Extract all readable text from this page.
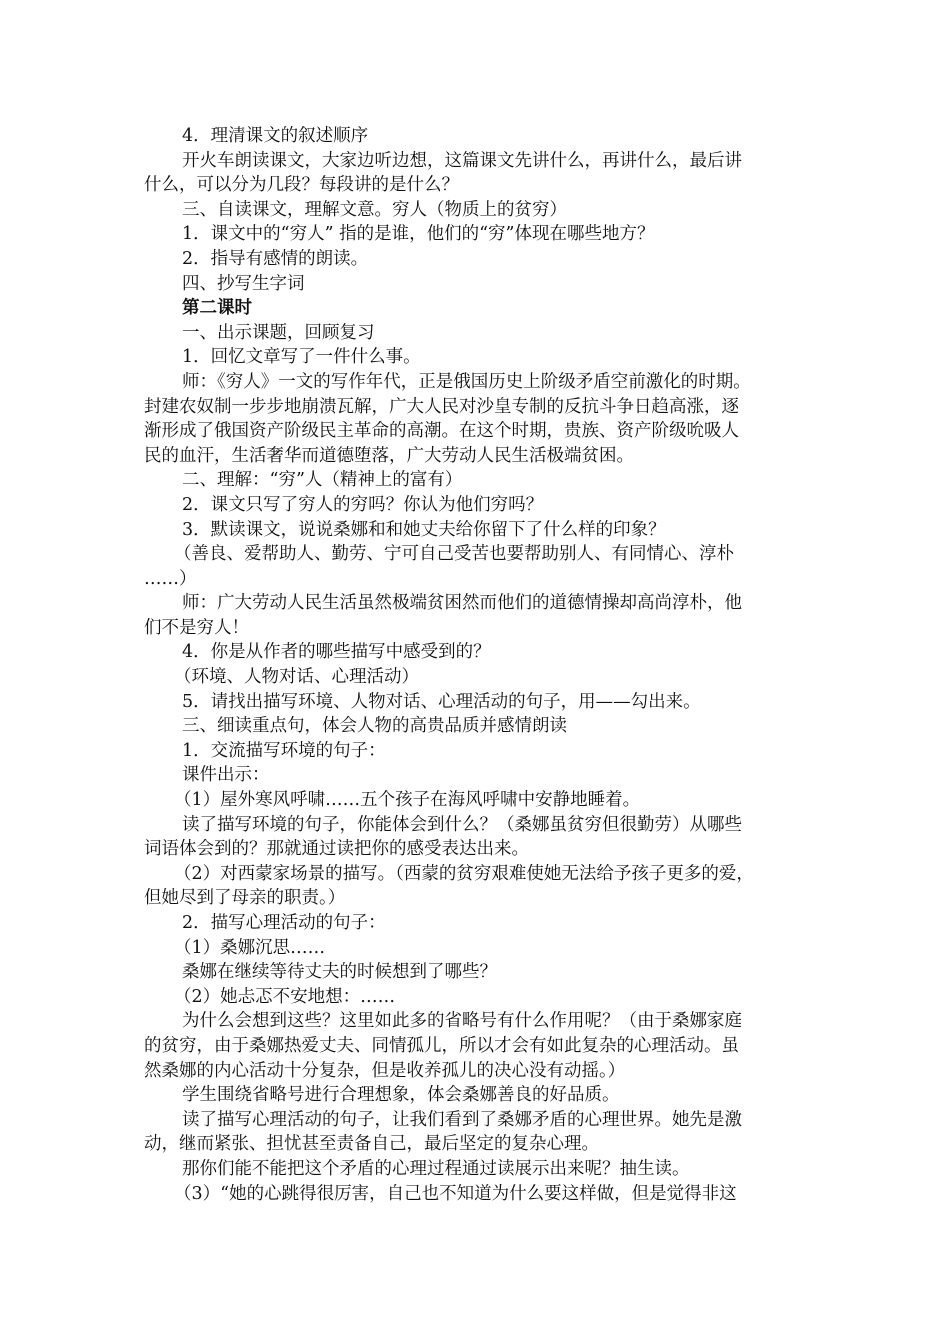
4．理清课文的叙述顺序
开火车朗读课文，大家边听边想，这篇课文先讲什么，再讲什么，最后讲
什么，可以分为几段？每段讲的是什么？
三、自读课文，理解文意。穷人（物质上的贫穷）
1．课文中的“穷人” 指的是谁，他们的“穷”体现在哪些地方？
2．指导有感情的朗读。
四、抄写生字词
第二课时
一、出示课题，回顾复习
1．回忆文章写了一件什么事。
师：《穷人》一文的写作年代，正是俄国历史上阶级矛盾空前激化的时期。
封建农奴制一步步地崩溃瓦解，广大人民对沙皇专制的反抗斗争日趋高涨，逐
渐形成了俄国资产阶级民主革命的高潮。在这个时期，贵族、资产阶级吮吸人
民的血汗，生活奢华而道德堕落，广大劳动人民生活极端贫困。
二、理解：“穷”人（精神上的富有）
2．课文只写了穷人的穷吗？你认为他们穷吗？
3．默读课文，说说桑娜和和她丈夫给你留下了什么样的印象？
（善良、爱帮助人、勤劳、宁可自己受苦也要帮助别人、有同情心、淳朴
……）
师：广大劳动人民生活虽然极端贫困然而他们的道德情操却高尚淳朴，他
们不是穷人！
4．你是从作者的哪些描写中感受到的？
（环境、人物对话、心理活动）
5．请找出描写环境、人物对话、心理活动的句子，用——勾出来。
三、细读重点句，体会人物的高贵品质并感情朗读
1．交流描写环境的句子：
课件出示：
（1）屋外寒风呼啸……五个孩子在海风呼啸中安静地睡着。
读了描写环境的句子，你能体会到什么？（桑娜虽贫穷但很勤劳）从哪些
词语体会到的？那就通过读把你的感受表达出来。
（2）对西蒙家场景的描写。（西蒙的贫穷艰难使她无法给予孩子更多的爱，
但她尽到了母亲的职责。）
2．描写心理活动的句子：
（1）桑娜沉思……
桑娜在继续等待丈夫的时候想到了哪些？
（2）她忐忑不安地想：……
为什么会想到这些？这里如此多的省略号有什么作用呢？（由于桑娜家庭
的贫穷，由于桑娜热爱丈夫、同情孤儿，所以才会有如此复杂的心理活动。虽
然桑娜的内心活动十分复杂，但是收养孤儿的决心没有动摇。）
学生围绕省略号进行合理想象，体会桑娜善良的好品质。
读了描写心理活动的句子，让我们看到了桑娜矛盾的心理世界。她先是激
动，继而紧张、担忧甚至责备自己，最后坚定的复杂心理。
那你们能不能把这个矛盾的心理过程通过读展示出来呢？抽生读。
（3）“她的心跳得很厉害，自己也不知道为什么要这样做，但是觉得非这
